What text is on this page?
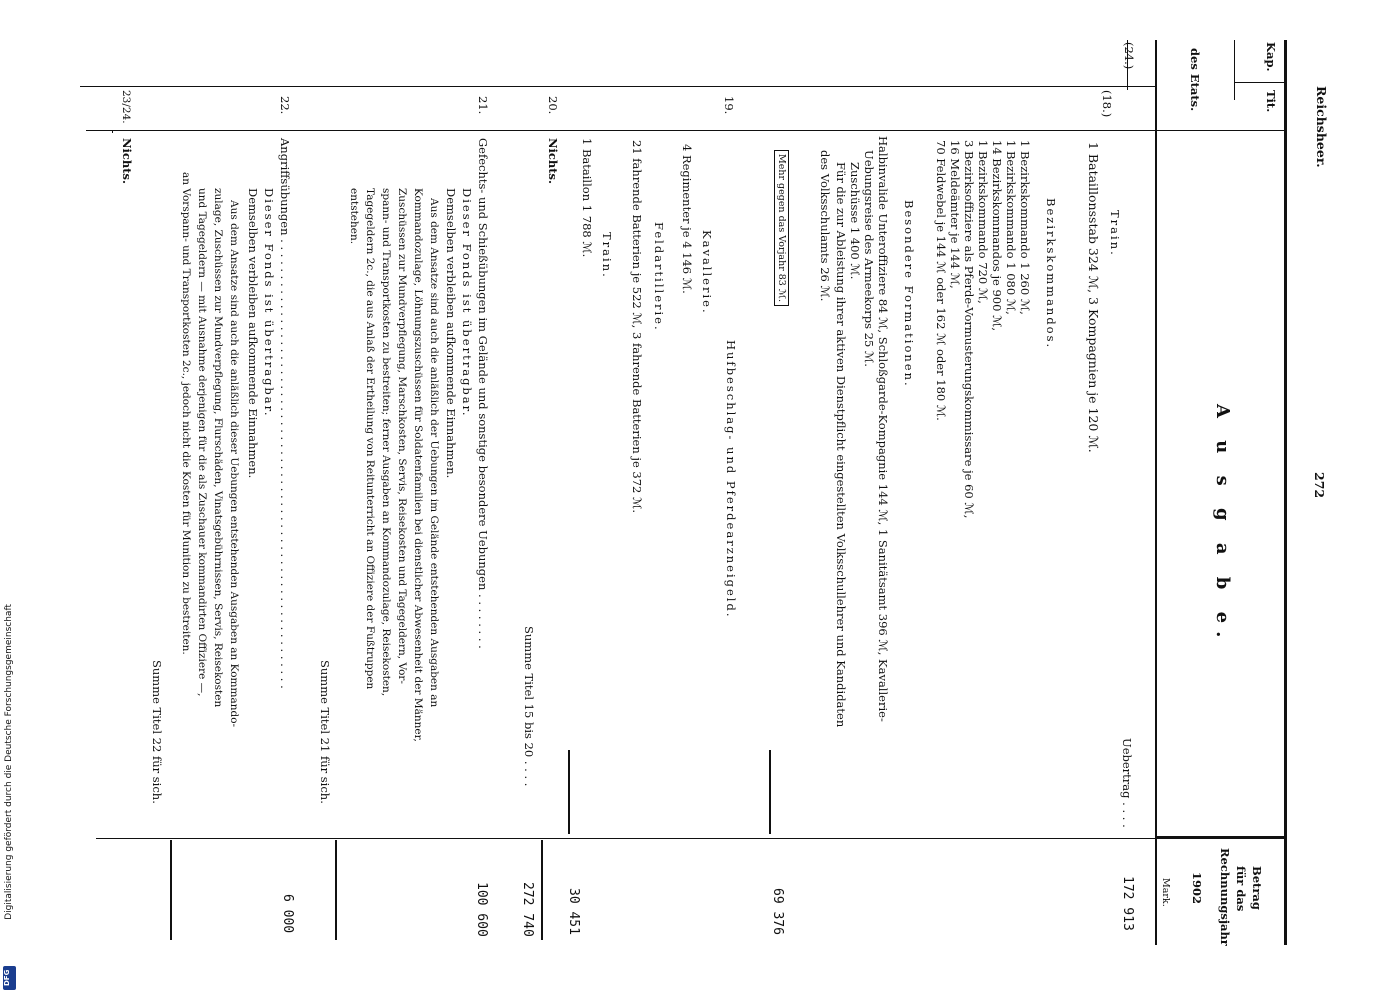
Reichsheer.
272
Kap.
Tit.
des Etats.
A u s g a b e.
Betrag
für das
Rechnungsjahr
1902
Mark.
(24.)
(18.)
19.
20.
21.
22.
23/24.
Train.
1 Bataillonsstab 324 ℳ, 3 Kompagnien je 120 ℳ.
Uebertrag . . . .
172 913
Bezirkskommandos.
1 Bezirkskommando 1 260 ℳ,
1 Bezirkskommando 1 080 ℳ,
14 Bezirkskommandos je 900 ℳ,
1 Bezirkskommando 720 ℳ,
3 Bezirksoffiziere als Pferde-Vormusterungskommissare je 60 ℳ,
16 Meldeämter je 144 ℳ,
70 Feldwebel je 144 ℳ oder 162 ℳ oder 180 ℳ.
Besondere Formationen.
Halbinvalide Unteroffiziere 84 ℳ, Schloßgarde-Kompagnie 144 ℳ, 1 Sanitätsamt 396 ℳ, Kavallerie-
Uebungsreise des Armeekorps 25 ℳ.
Zuschüsse 1 400 ℳ.
Für die zur Ableistung ihrer aktiven Dienstpflicht eingestellten Volksschullehrer und Kandidaten
des Volksschulamts 26 ℳ.
Mehr gegen das Vorjahr 83 ℳ.
69 376
Hufbeschlag- und Pferdearzneigeld.
Kavallerie.
4 Regimenter je 4 146 ℳ.
Feldartillerie.
21 fahrende Batterien je 522 ℳ, 3 fahrende Batterien je 372 ℳ.
Train.
1 Bataillon 1 788 ℳ.
30 451
Nichts.
Summe Titel 15 bis 20 . . . .
272 740
Gefechts- und Schießübungen im Gelände und sonstige besondere Uebungen . . . . . . . .
Dieser Fonds ist übertragbar.
Demselben verbleiben aufkommende Einnahmen.
Aus dem Ansatze sind auch die anläßlich der Uebungen im Gelände entstehenden Ausgaben an
Kommandozulage, Löhnungszuschüssen für Soldatenfamilien bei dienstlicher Abwesenheit der Männer,
Zuschüssen zur Mundverpflegung, Marschkosten, Servis, Reisekosten und Tagegeldern, Vor-
spann- und Transportkosten zu bestreiten; ferner Ausgaben an Kommandozulage, Reisekosten,
Tagegeldern 2c., die aus Anlaß der Ertheilung von Reitunterricht an Offiziere der Fußtruppen
entstehen.
100 600
Summe Titel 21 für sich.
Angriffsübungen . . . . . . . . . . . . . . . . . . . . . . . . . . . . . . . . . . . . . . . . . . . . . . . . . . . . . . . . . . . . . .
Dieser Fonds ist übertragbar.
Demselben verbleiben aufkommende Einnahmen.
Aus dem Ansatze sind auch die anläßlich dieser Uebungen entstehenden Ausgaben an Kommando-
zulage, Zuschüssen zur Mundverpflegung, Flurschäden, Vinatsgebührnissen, Servis, Reisekosten
und Tagegeldern — mit Ausnahme derjenigen für die als Zuschauer kommandirten Offiziere —,
an Vorspann- und Transportkosten 2c., jedoch nicht die Kosten für Munition zu bestreiten.
6 000
Summe Titel 22 für sich.
Nichts.
Digitalisierung gefördert durch die Deutsche Forschungsgemeinschaft
DFG
